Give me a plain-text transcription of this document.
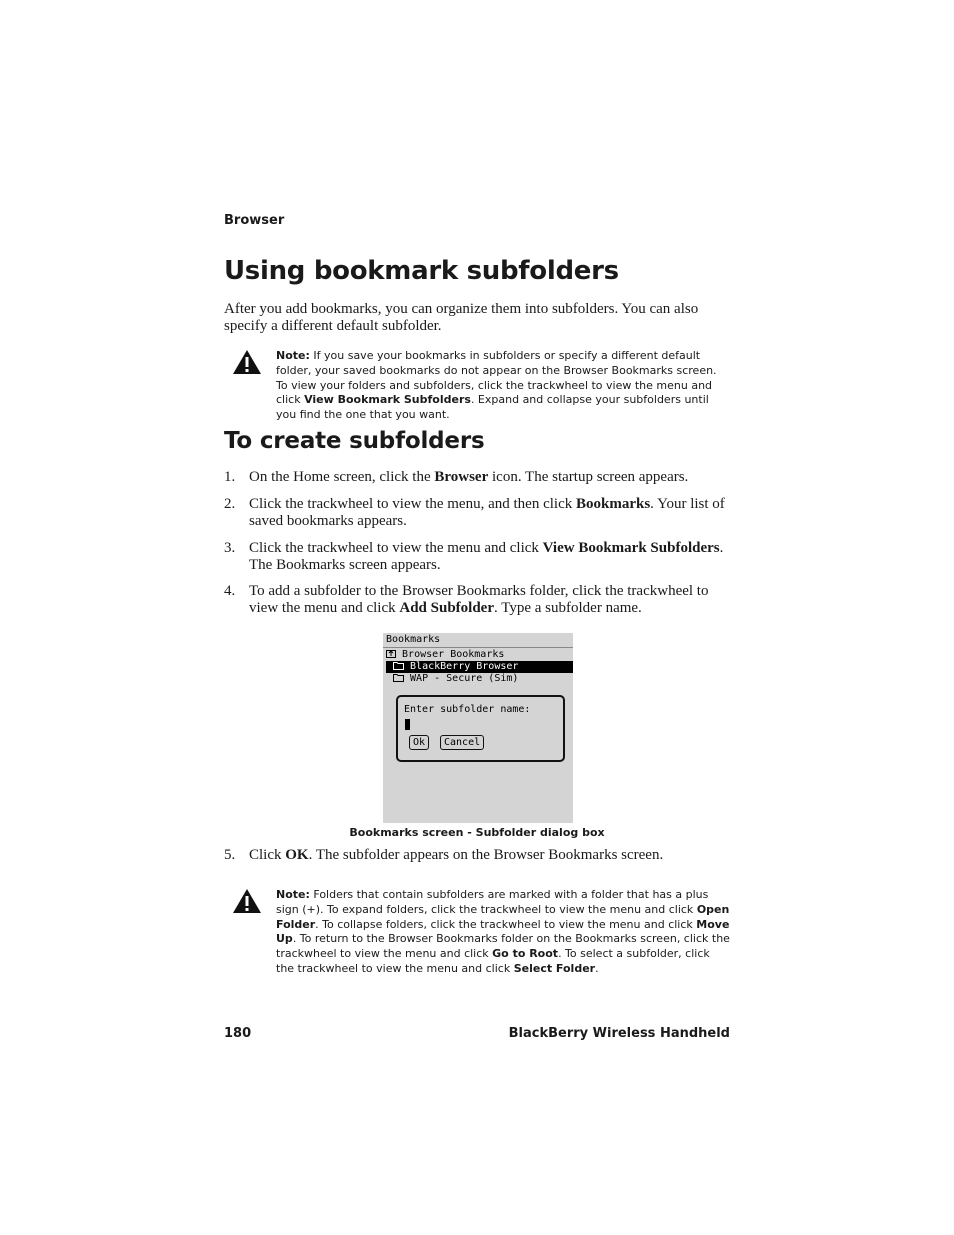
Browser
Using bookmark subfolders
After you add bookmarks, you can organize them into subfolders. You can also specify a different default subfolder.
Note: If you save your bookmarks in subfolders or specify a different default folder, your saved bookmarks do not appear on the Browser Bookmarks screen. To view your folders and subfolders, click the trackwheel to view the menu and click View Bookmark Subfolders. Expand and collapse your subfolders until you find the one that you want.
To create subfolders
1. On the Home screen, click the Browser icon. The startup screen appears.
2. Click the trackwheel to view the menu, and then click Bookmarks. Your list of saved bookmarks appears.
3. Click the trackwheel to view the menu and click View Bookmark Subfolders. The Bookmarks screen appears.
4. To add a subfolder to the Browser Bookmarks folder, click the trackwheel to view the menu and click Add Subfolder. Type a subfolder name.
Bookmarks
Browser Bookmarks
BlackBerry Browser
WAP - Secure (Sim)
Enter subfolder name:
Ok	Cancel
Bookmarks screen - Subfolder dialog box
5. Click OK. The subfolder appears on the Browser Bookmarks screen.
Note: Folders that contain subfolders are marked with a folder that has a plus sign (+). To expand folders, click the trackwheel to view the menu and click Open Folder. To collapse folders, click the trackwheel to view the menu and click Move Up. To return to the Browser Bookmarks folder on the Bookmarks screen, click the trackwheel to view the menu and click Go to Root. To select a subfolder, click the trackwheel to view the menu and click Select Folder.
180	BlackBerry Wireless Handheld
